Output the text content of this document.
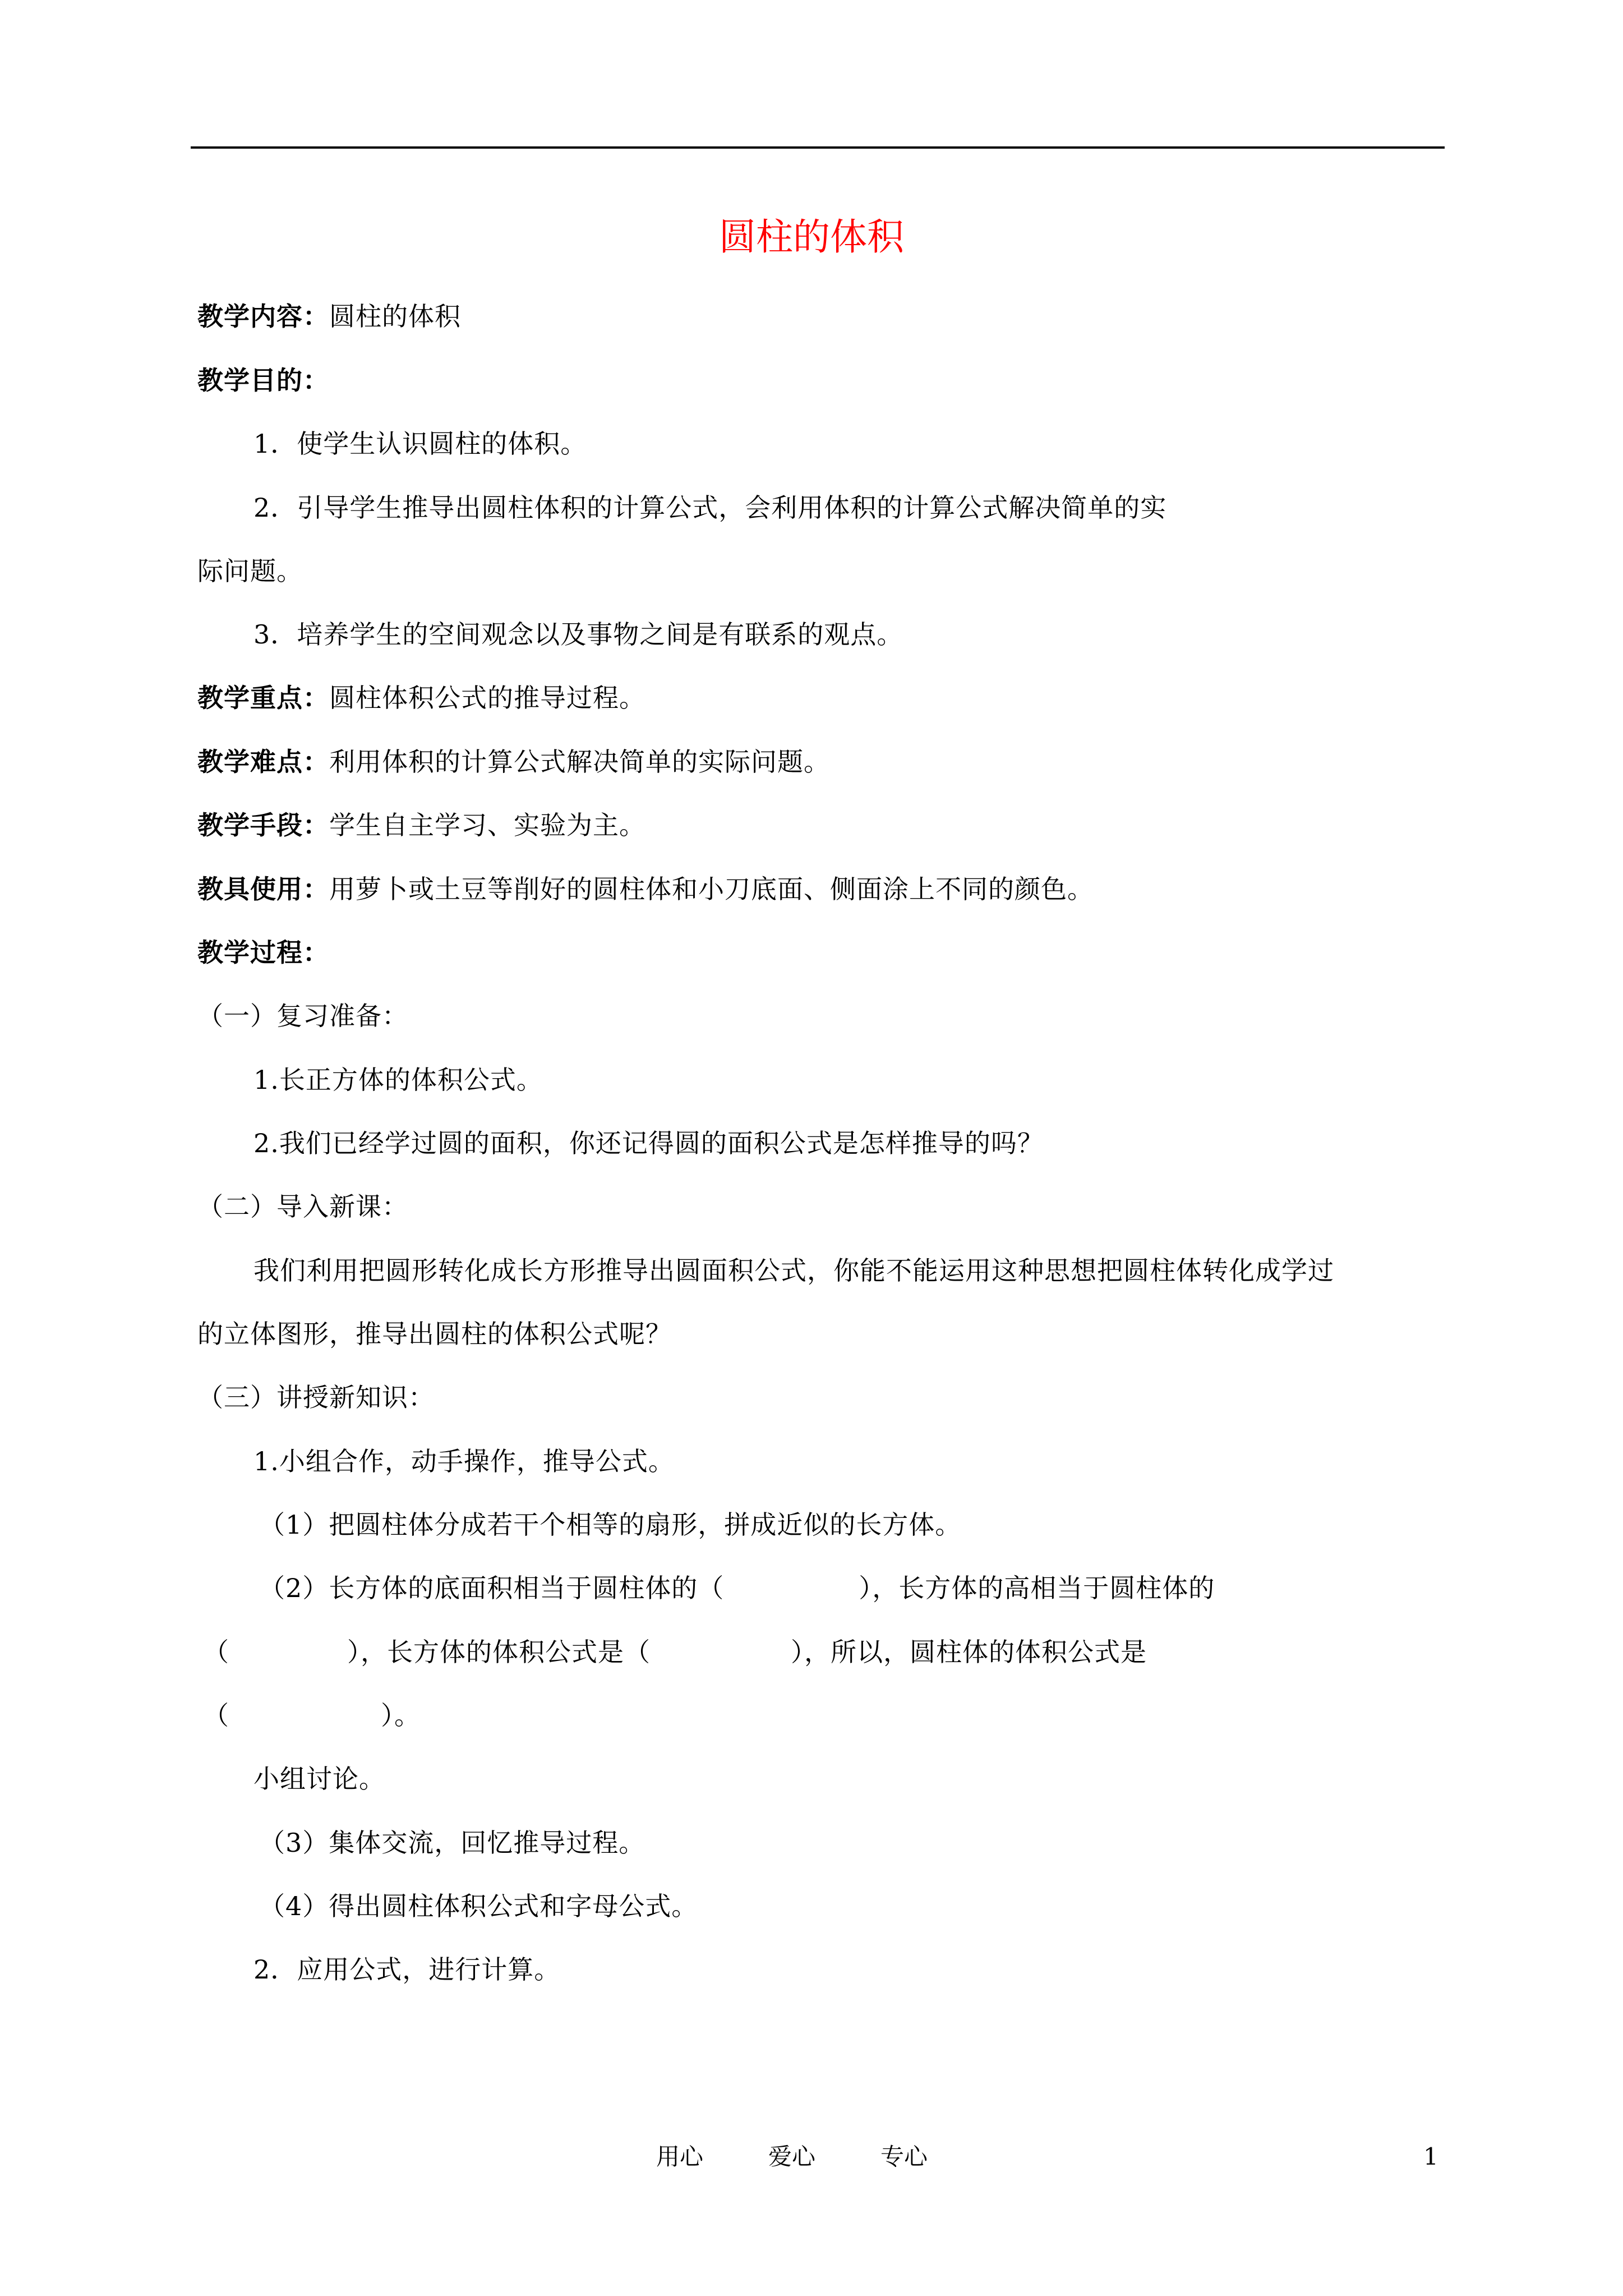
圆柱的体积
教学内容：圆柱的体积
教学目的：
1．使学生认识圆柱的体积。
2．引导学生推导出圆柱体积的计算公式，会利用体积的计算公式解决简单的实
际问题。
3．培养学生的空间观念以及事物之间是有联系的观点。
教学重点：圆柱体积公式的推导过程。
教学难点：利用体积的计算公式解决简单的实际问题。
教学手段：学生自主学习、实验为主。
教具使用：用萝卜或土豆等削好的圆柱体和小刀底面、侧面涂上不同的颜色。
教学过程：
（一）复习准备：
1.长正方体的体积公式。
2.我们已经学过圆的面积，你还记得圆的面积公式是怎样推导的吗？
（二）导入新课：
我们利用把圆形转化成长方形推导出圆面积公式，你能不能运用这种思想把圆柱体转化成学过
的立体图形，推导出圆柱的体积公式呢？
（三）讲授新知识：
1.小组合作，动手操作，推导公式。
（1）把圆柱体分成若干个相等的扇形，拼成近似的长方体。
（2）长方体的底面积相当于圆柱体的（	），长方体的高相当于圆柱体的
（	），长方体的体积公式是（	），所以，圆柱体的体积公式是
（	）。
小组讨论。
（3）集体交流，回忆推导过程。
（4）得出圆柱体积公式和字母公式。
2．应用公式，进行计算。
用心	爱心	专心	1
